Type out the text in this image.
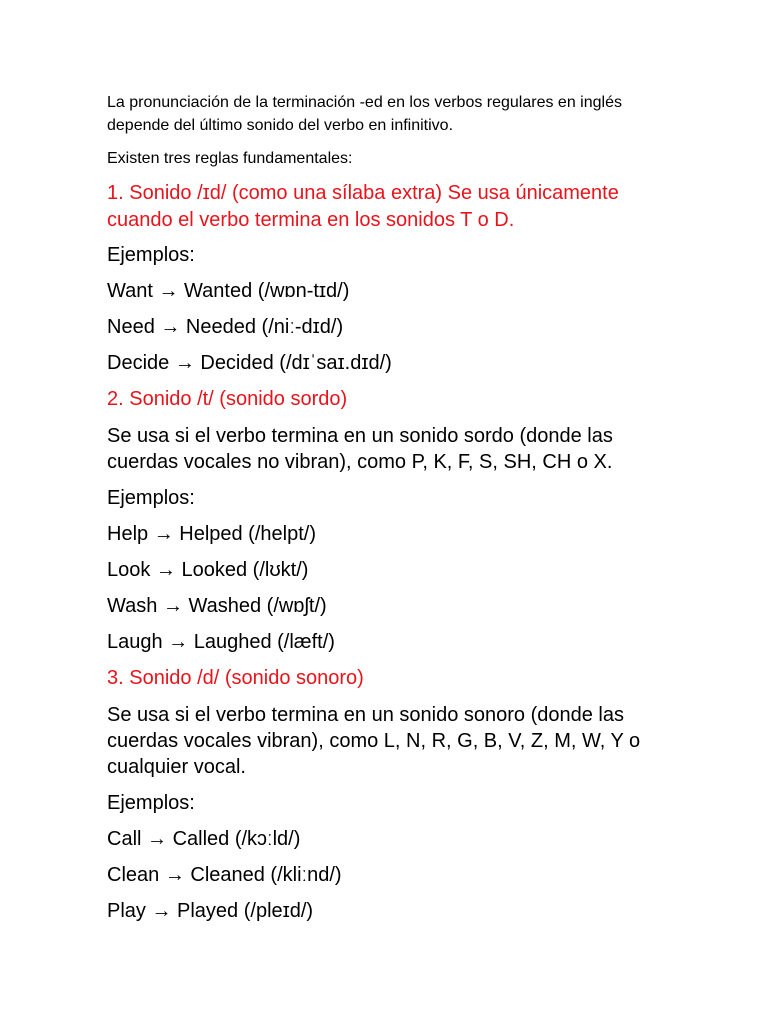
La pronunciación de la terminación -ed en los verbos regulares en inglés depende del último sonido del verbo en infinitivo.

Existen tres reglas fundamentales:

1. Sonido /ɪd/ (como una sílaba extra) Se usa únicamente cuando el verbo termina en los sonidos T o D.

Ejemplos:

Want → Wanted (/wɒn-tɪd/)

Need → Needed (/niː-dɪd/)

Decide → Decided (/dɪˈsaɪ.dɪd/)

2. Sonido /t/ (sonido sordo)

Se usa si el verbo termina en un sonido sordo (donde las cuerdas vocales no vibran), como P, K, F, S, SH, CH o X.

Ejemplos:

Help → Helped (/helpt/)

Look → Looked (/lʊkt/)

Wash → Washed (/wɒʃt/)

Laugh → Laughed (/læft/)

3. Sonido /d/ (sonido sonoro)

Se usa si el verbo termina en un sonido sonoro (donde las cuerdas vocales vibran), como L, N, R, G, B, V, Z, M, W, Y o cualquier vocal.

Ejemplos:

Call → Called (/kɔːld/)

Clean → Cleaned (/kliːnd/)

Play → Played (/pleɪd/)
